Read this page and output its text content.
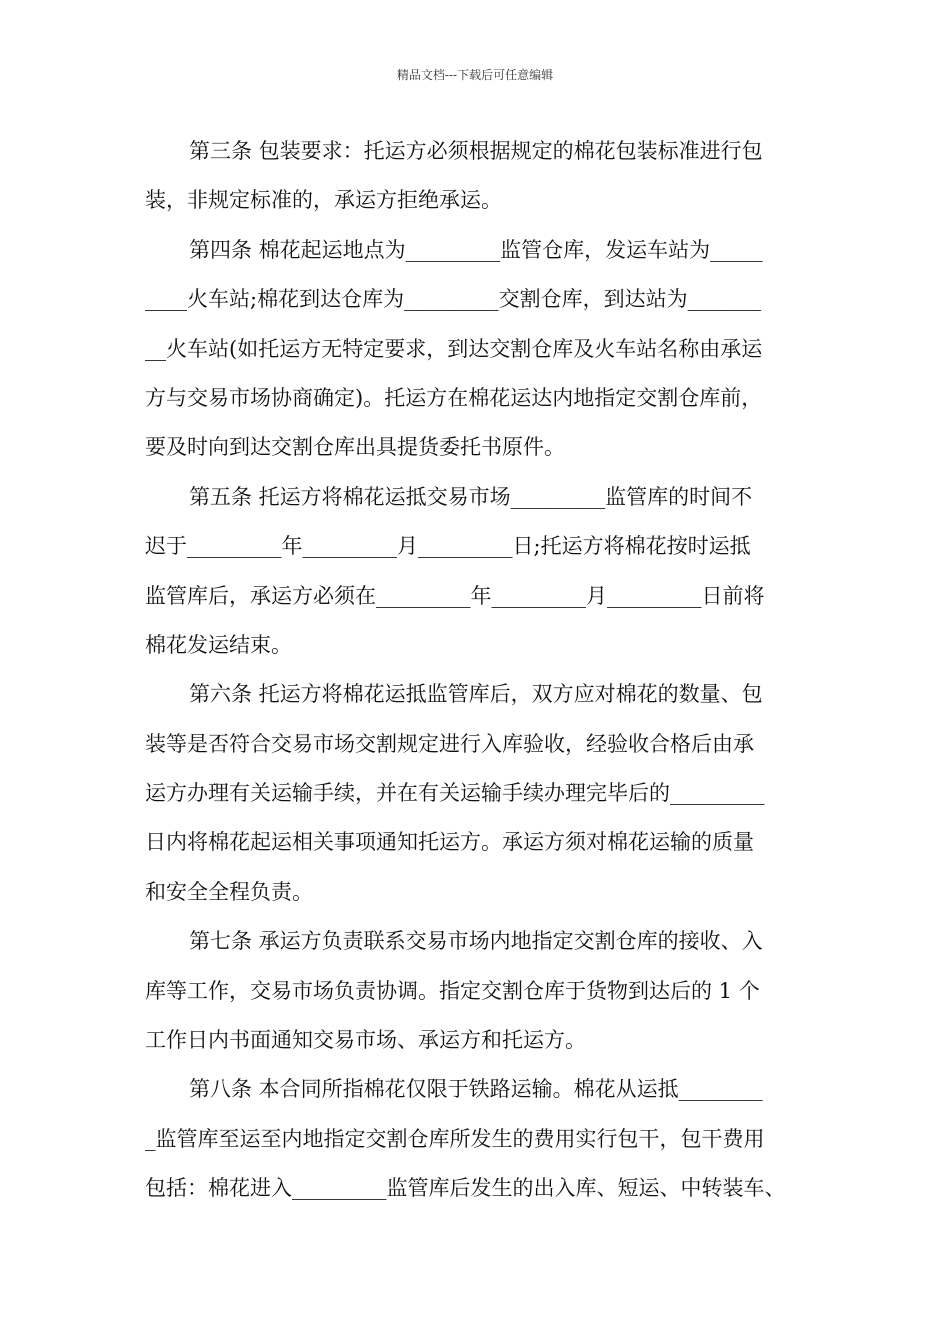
精品文档---下载后可任意编辑
第三条 包装要求：托运方必须根据规定的棉花包装标准进行包
装，非规定标准的，承运方拒绝承运。
第四条 棉花起运地点为_________监管仓库，发运车站为_____
____火车站;棉花到达仓库为_________交割仓库，到达站为_______
__火车站(如托运方无特定要求，到达交割仓库及火车站名称由承运
方与交易市场协商确定)。托运方在棉花运达内地指定交割仓库前，
要及时向到达交割仓库出具提货委托书原件。
第五条 托运方将棉花运抵交易市场_________监管库的时间不
迟于_________年_________月_________日;托运方将棉花按时运抵
监管库后，承运方必须在_________年_________月_________日前将
棉花发运结束。
第六条 托运方将棉花运抵监管库后，双方应对棉花的数量、包
装等是否符合交易市场交割规定进行入库验收，经验收合格后由承
运方办理有关运输手续，并在有关运输手续办理完毕后的_________
日内将棉花起运相关事项通知托运方。承运方须对棉花运输的质量
和安全全程负责。
第七条 承运方负责联系交易市场内地指定交割仓库的接收、入
库等工作，交易市场负责协调。指定交割仓库于货物到达后的 1 个
工作日内书面通知交易市场、承运方和托运方。
第八条 本合同所指棉花仅限于铁路运输。棉花从运抵________
_监管库至运至内地指定交割仓库所发生的费用实行包干，包干费用
包括：棉花进入_________监管库后发生的出入库、短运、中转装车、
